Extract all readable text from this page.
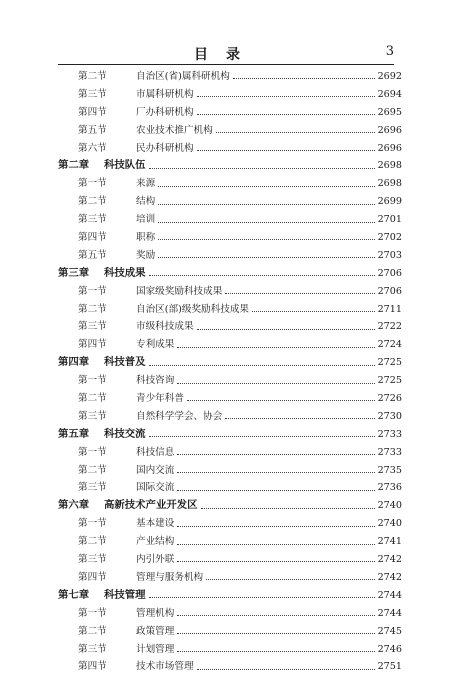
目录	3
第二节	自治区(省)属科研机构	2692
第三节	市属科研机构	2694
第四节	厂办科研机构	2695
第五节	农业技术推广机构	2696
第六节	民办科研机构	2696
第二章	科技队伍	2698
第一节	来源	2698
第二节	结构	2699
第三节	培训	2701
第四节	职称	2702
第五节	奖励	2703
第三章	科技成果	2706
第一节	国家级奖励科技成果	2706
第二节	自治区(部)级奖励科技成果	2711
第三节	市级科技成果	2722
第四节	专利成果	2724
第四章	科技普及	2725
第一节	科技咨询	2725
第二节	青少年科普	2726
第三节	自然科学学会、协会	2730
第五章	科技交流	2733
第一节	科技信息	2733
第二节	国内交流	2735
第三节	国际交流	2736
第六章	高新技术产业开发区	2740
第一节	基本建设	2740
第二节	产业结构	2741
第三节	内引外联	2742
第四节	管理与服务机构	2742
第七章	科技管理	2744
第一节	管理机构	2744
第二节	政策管理	2745
第三节	计划管理	2746
第四节	技术市场管理	2751
